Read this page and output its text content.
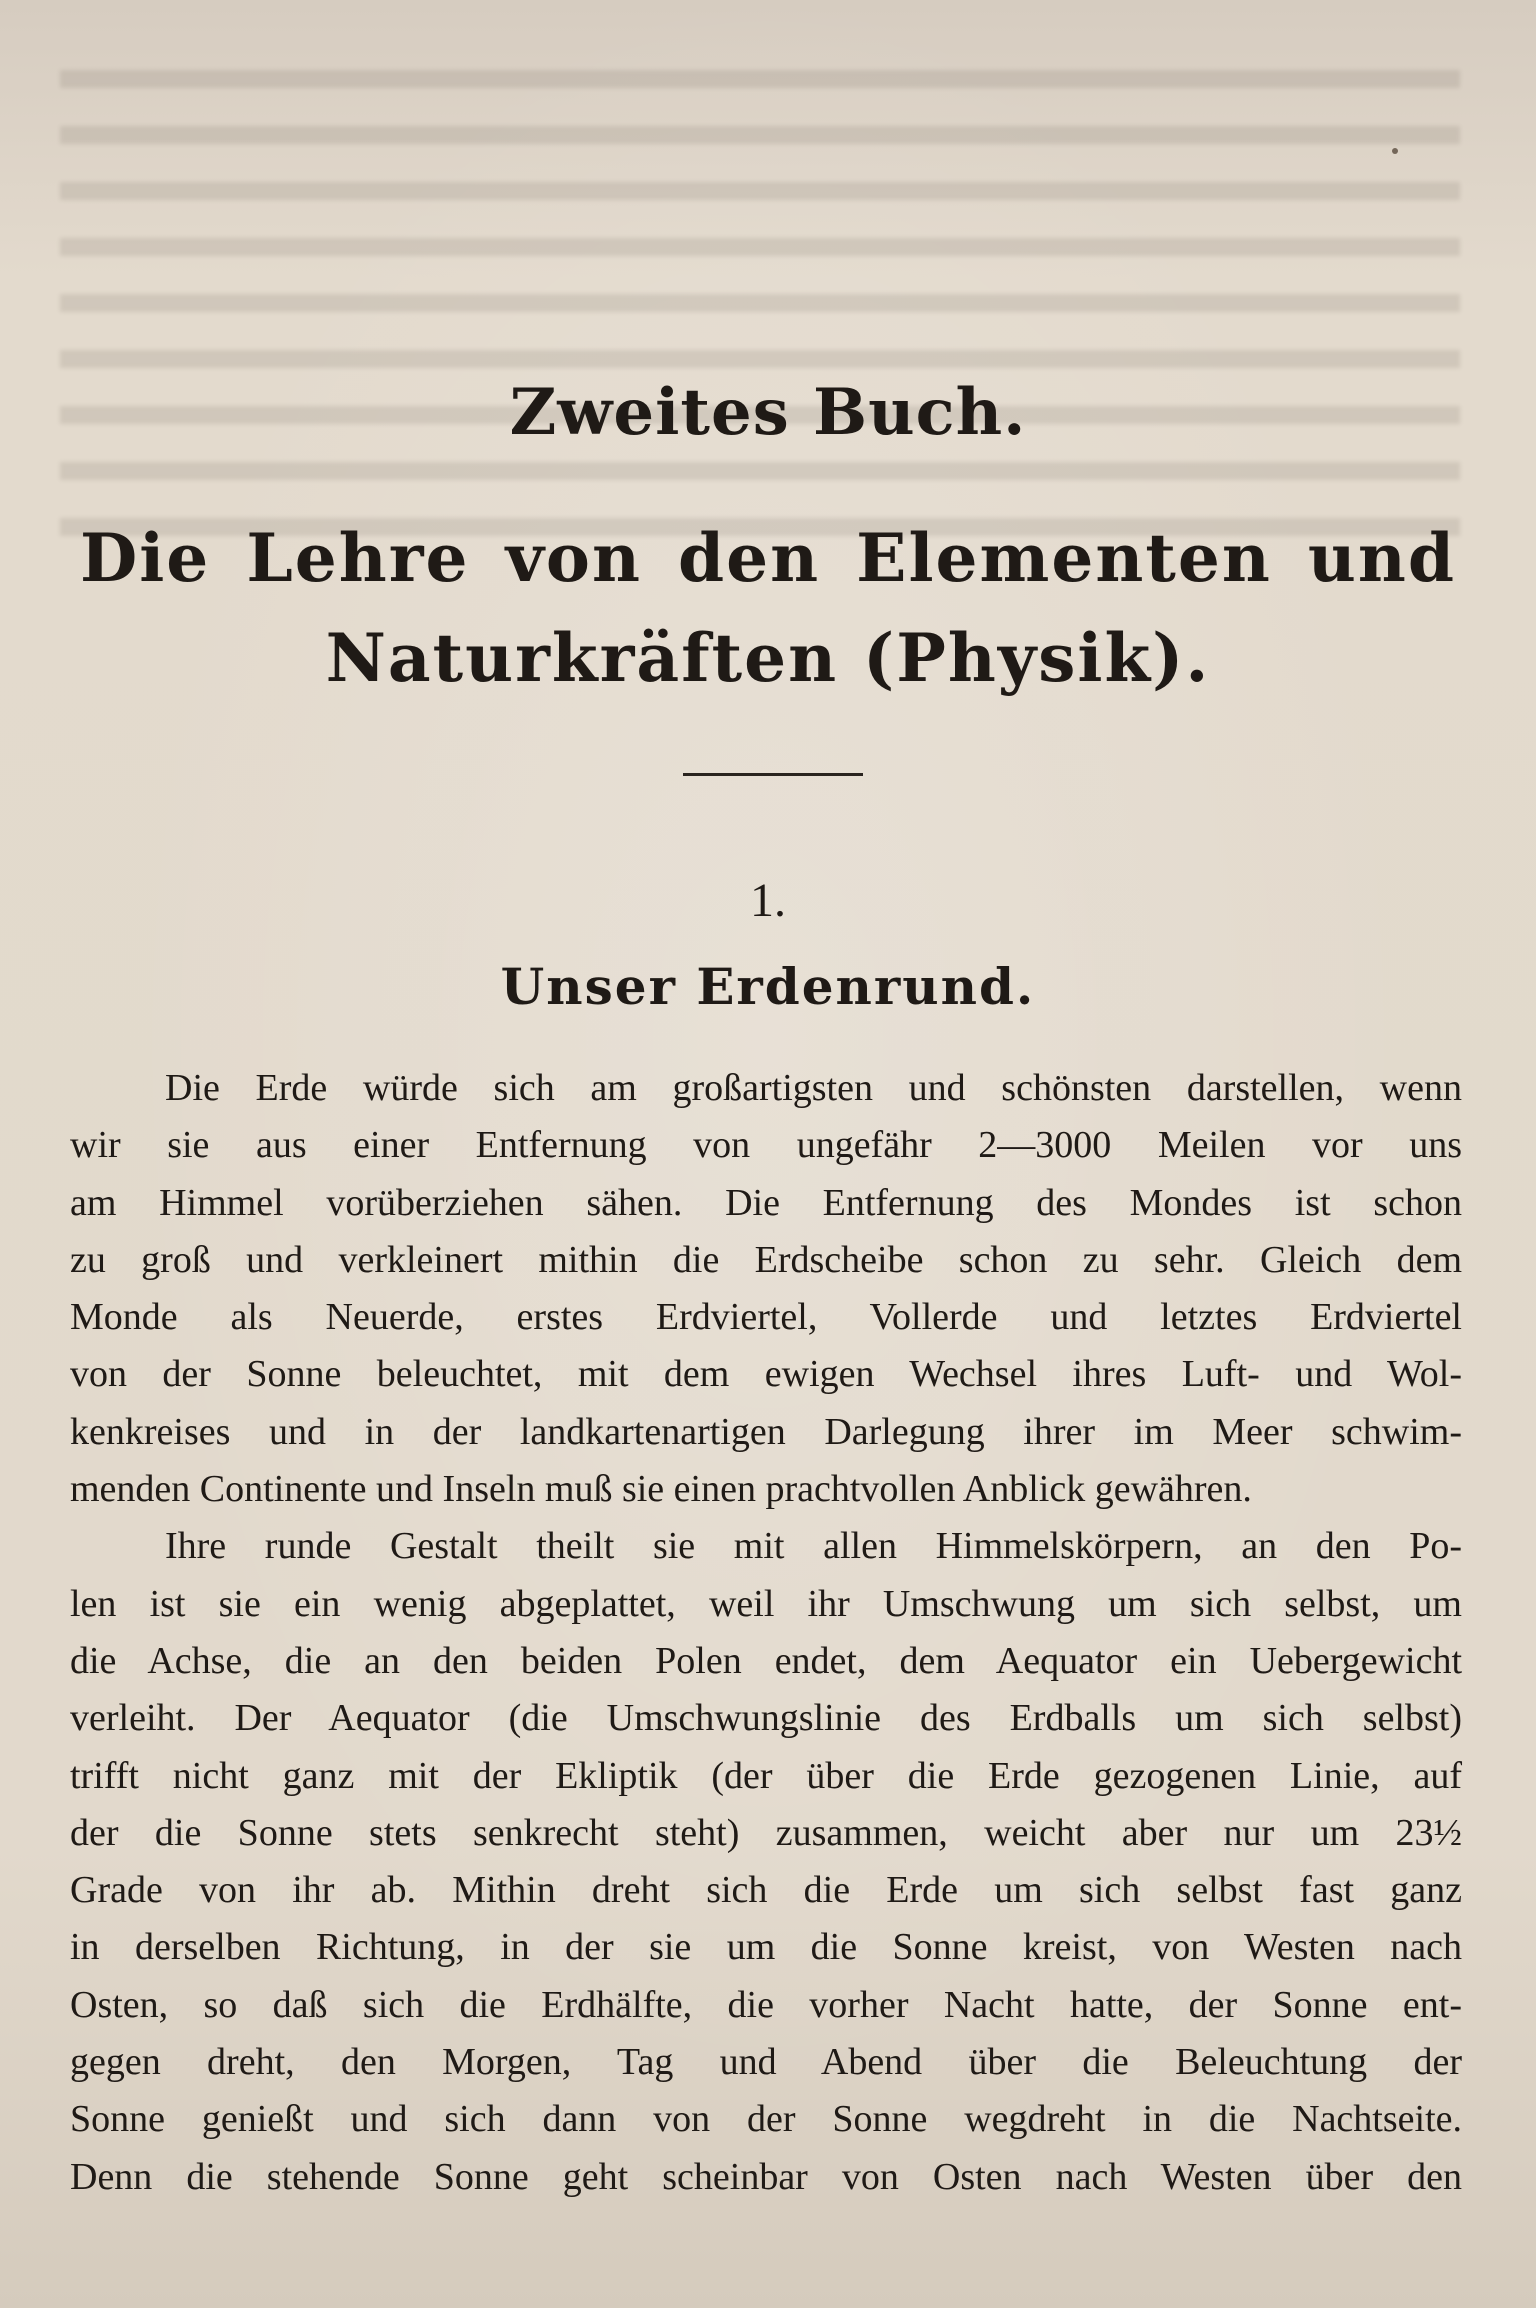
Zweites Buch.
Die Lehre von den Elementen und Naturkräften (Physik).
1.
Unser Erdenrund.
Die Erde würde sich am großartigsten und schönsten darstellen, wenn
wir sie aus einer Entfernung von ungefähr 2—3000 Meilen vor uns
am Himmel vorüberziehen sähen. Die Entfernung des Mondes ist schon
zu groß und verkleinert mithin die Erdscheibe schon zu sehr. Gleich dem
Monde als Neuerde, erstes Erdviertel, Vollerde und letztes Erdviertel
von der Sonne beleuchtet, mit dem ewigen Wechsel ihres Luft- und Wol-
kenkreises und in der landkartenartigen Darlegung ihrer im Meer schwim-
menden Continente und Inseln muß sie einen prachtvollen Anblick gewähren.
Ihre runde Gestalt theilt sie mit allen Himmelskörpern, an den Po-
len ist sie ein wenig abgeplattet, weil ihr Umschwung um sich selbst, um
die Achse, die an den beiden Polen endet, dem Aequator ein Uebergewicht
verleiht. Der Aequator (die Umschwungslinie des Erdballs um sich selbst)
trifft nicht ganz mit der Ekliptik (der über die Erde gezogenen Linie, auf
der die Sonne stets senkrecht steht) zusammen, weicht aber nur um 23½
Grade von ihr ab. Mithin dreht sich die Erde um sich selbst fast ganz
in derselben Richtung, in der sie um die Sonne kreist, von Westen nach
Osten, so daß sich die Erdhälfte, die vorher Nacht hatte, der Sonne ent-
gegen dreht, den Morgen, Tag und Abend über die Beleuchtung der
Sonne genießt und sich dann von der Sonne wegdreht in die Nachtseite.
Denn die stehende Sonne geht scheinbar von Osten nach Westen über den
